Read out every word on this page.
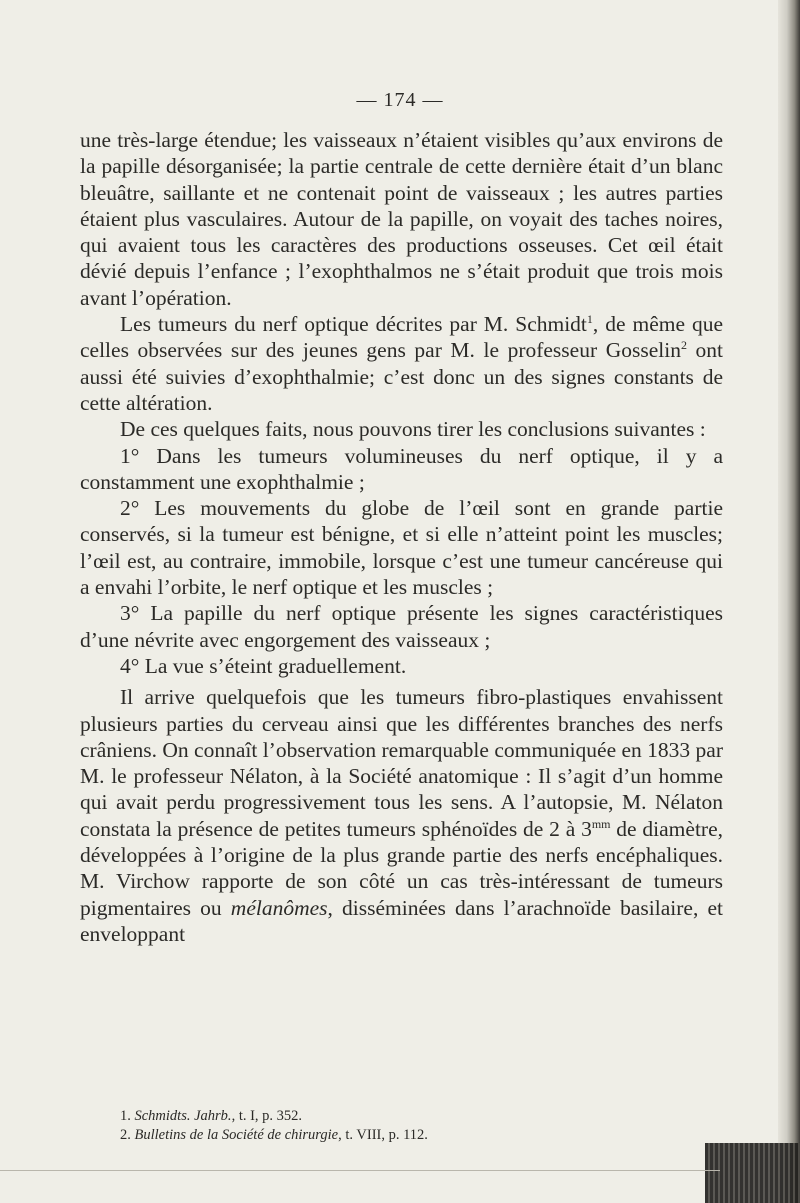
— 174 —

une très-large étendue; les vaisseaux n’étaient visibles qu’aux environs de la papille désorganisée; la partie centrale de cette dernière était d’un blanc bleuâtre, saillante et ne contenait point de vaisseaux ; les autres parties étaient plus vasculaires. Autour de la papille, on voyait des taches noires, qui avaient tous les caractères des productions osseuses. Cet œil était dévié depuis l’enfance ; l’exophthalmos ne s’était produit que trois mois avant l’opération.

Les tumeurs du nerf optique décrites par M. Schmidt$^1$, de même que celles observées sur des jeunes gens par M. le professeur Gosselin$^2$ ont aussi été suivies d’exophthalmie; c’est donc un des signes constants de cette altération.

De ces quelques faits, nous pouvons tirer les conclusions suivantes :

1° Dans les tumeurs volumineuses du nerf optique, il y a constamment une exophthalmie ;

2° Les mouvements du globe de l’œil sont en grande partie conservés, si la tumeur est bénigne, et si elle n’atteint point les muscles; l’œil est, au contraire, immobile, lorsque c’est une tumeur cancéreuse qui a envahi l’orbite, le nerf optique et les muscles ;

3° La papille du nerf optique présente les signes caractéristiques d’une névrite avec engorgement des vaisseaux ;

4° La vue s’éteint graduellement.

Il arrive quelquefois que les tumeurs fibro-plastiques envahissent plusieurs parties du cerveau ainsi que les différentes branches des nerfs crâniens. On connaît l’observation remarquable communiquée en 1833 par M. le professeur Nélaton, à la Société anatomique : Il s’agit d’un homme qui avait perdu progressivement tous les sens. A l’autopsie, M. Nélaton constata la présence de petites tumeurs sphénoïdes de 2 à $3^{mm}$ de diamètre, développées à l’origine de la plus grande partie des nerfs encéphaliques. M. Virchow rapporte de son côté un cas très-intéressant de tumeurs pigmentaires ou mélanômes, disséminées dans l’arachnoïde basilaire, et enveloppant

1. Schmidts. Jahrb., t. I, p. 352.

2. Bulletins de la Société de chirurgie, t. VIII, p. 112.
